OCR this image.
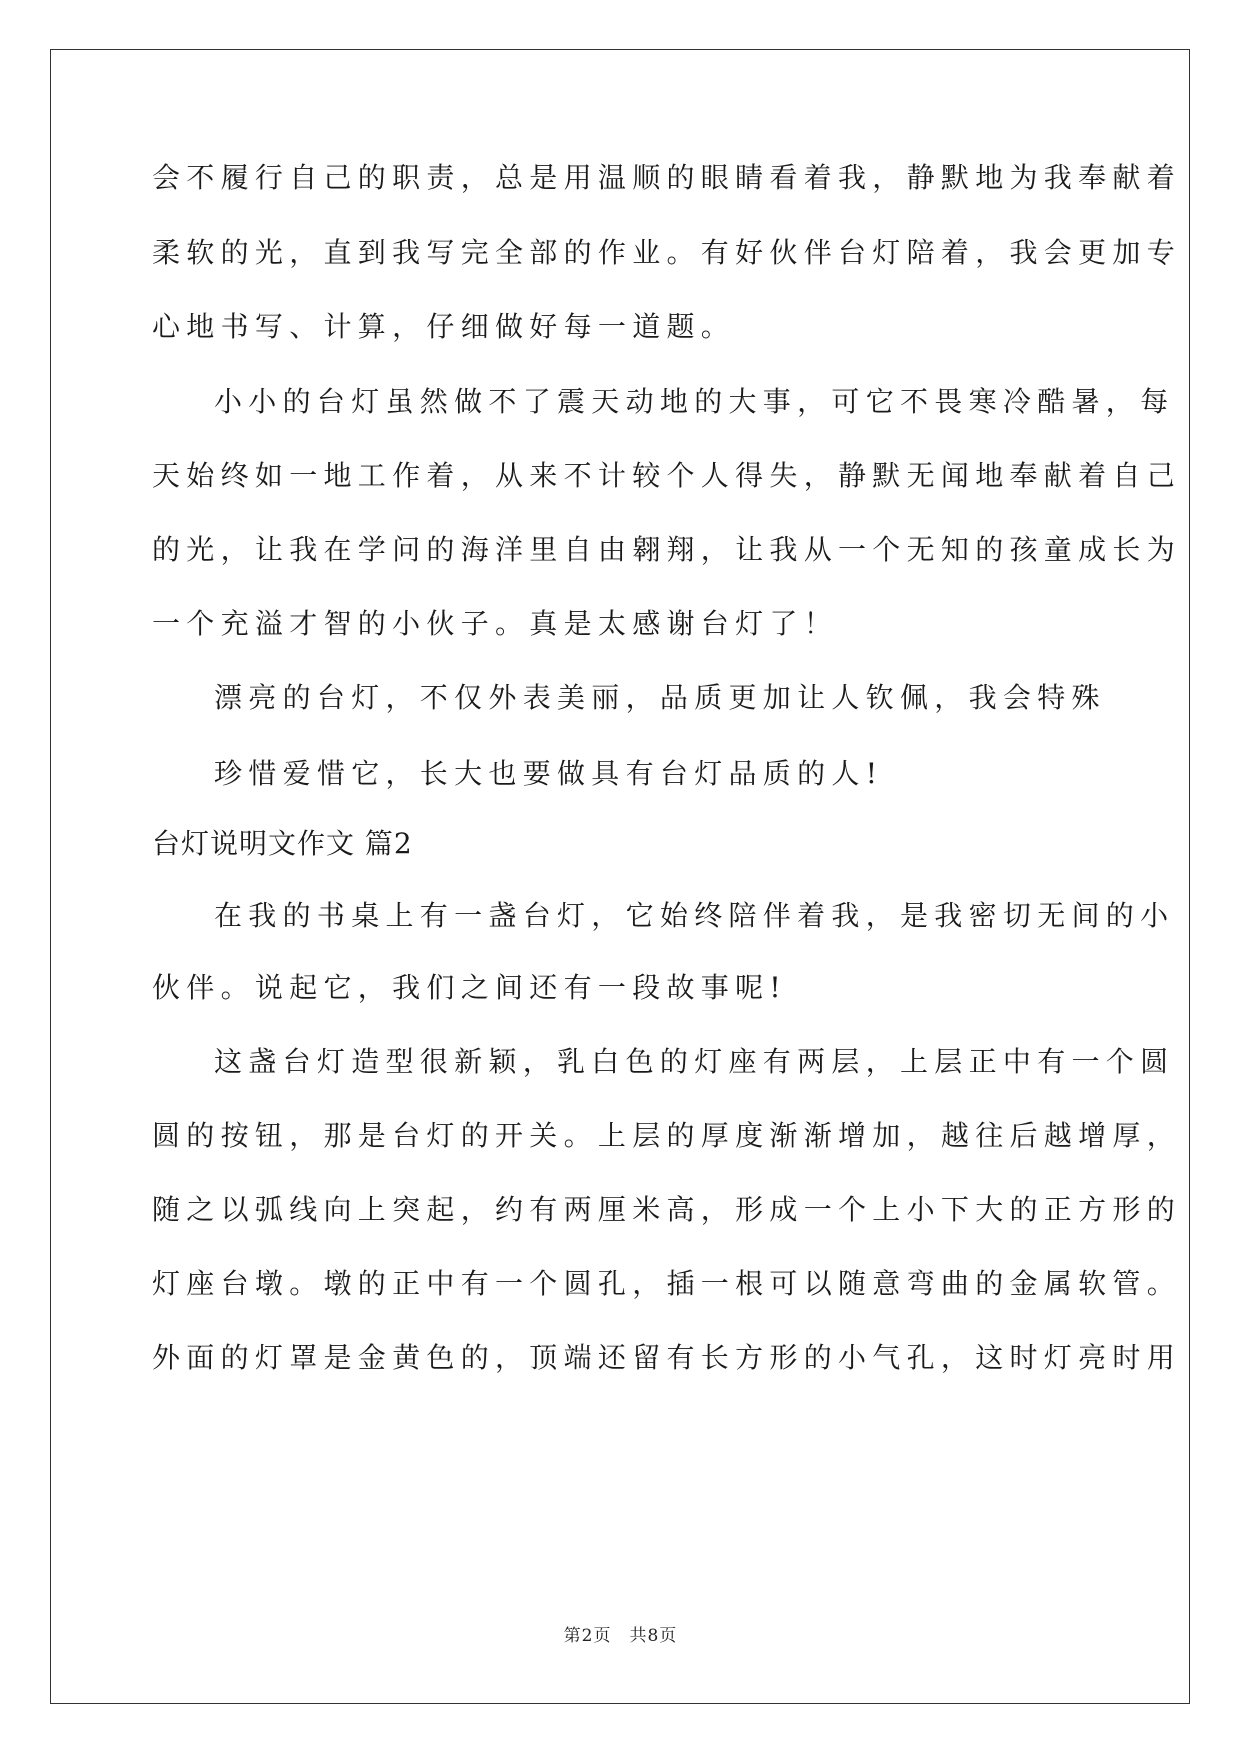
会不履行自己的职责，总是用温顺的眼睛看着我，静默地为我奉献着
柔软的光，直到我写完全部的作业。有好伙伴台灯陪着，我会更加专
心地书写、计算，仔细做好每一道题。
小小的台灯虽然做不了震天动地的大事，可它不畏寒冷酷暑，每
天始终如一地工作着，从来不计较个人得失，静默无闻地奉献着自己
的光，让我在学问的海洋里自由翱翔，让我从一个无知的孩童成长为
一个充溢才智的小伙子。真是太感谢台灯了！
漂亮的台灯，不仅外表美丽，品质更加让人钦佩，我会特殊
珍惜爱惜它，长大也要做具有台灯品质的人!
台灯说明文作文 篇2
在我的书桌上有一盏台灯，它始终陪伴着我，是我密切无间的小
伙伴。说起它，我们之间还有一段故事呢!
这盏台灯造型很新颖，乳白色的灯座有两层，上层正中有一个圆
圆的按钮，那是台灯的开关。上层的厚度渐渐增加，越往后越增厚，
随之以弧线向上突起，约有两厘米高，形成一个上小下大的正方形的
灯座台墩。墩的正中有一个圆孔，插一根可以随意弯曲的金属软管。
外面的灯罩是金黄色的，顶端还留有长方形的小气孔，这时灯亮时用
第2页　共8页
